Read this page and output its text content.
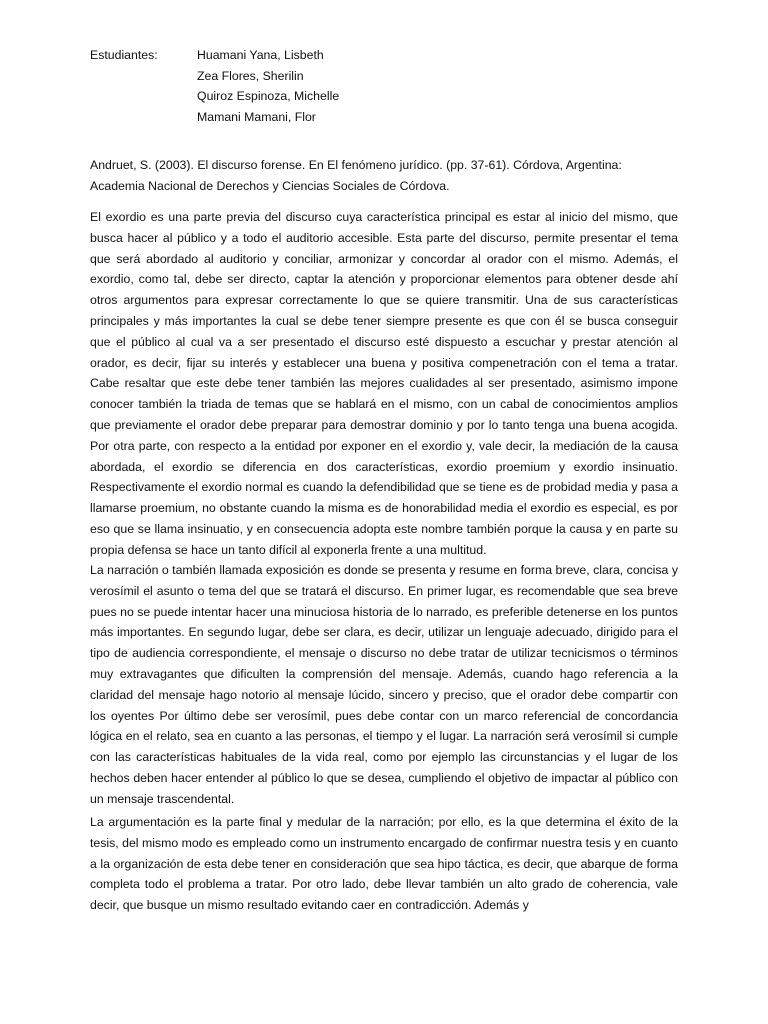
Estudiantes:	Huamani Yana, Lisbeth
Zea Flores, Sherilin
Quiroz Espinoza, Michelle
Mamani Mamani, Flor
Andruet, S. (2003). El discurso forense. En El fenómeno jurídico. (pp. 37-61). Córdova, Argentina: Academia Nacional de Derechos y Ciencias Sociales de Córdova.
El exordio es una parte previa del discurso cuya característica principal es estar al inicio del mismo, que busca hacer al público y a todo el auditorio accesible. Esta parte del discurso, permite presentar el tema que será abordado al auditorio y conciliar, armonizar y concordar al orador con el mismo. Además, el exordio, como tal, debe ser directo, captar la atención y proporcionar elementos para obtener desde ahí otros argumentos para expresar correctamente lo que se quiere transmitir. Una de sus características principales y más importantes la cual se debe tener siempre presente es que con él se busca conseguir que el público al cual va a ser presentado el discurso esté dispuesto a escuchar y prestar atención al orador, es decir, fijar su interés y establecer una buena y positiva compenetración con el tema a tratar. Cabe resaltar que este debe tener también las mejores cualidades al ser presentado, asimismo impone conocer también la triada de temas que se hablará en el mismo, con un cabal de conocimientos amplios que previamente el orador debe preparar para demostrar dominio y por lo tanto tenga una buena acogida. Por otra parte, con respecto a la entidad por exponer en el exordio y, vale decir, la mediación de la causa abordada, el exordio se diferencia en dos características, exordio proemium y exordio insinuatio. Respectivamente el exordio normal es cuando la defendibilidad que se tiene es de probidad media y pasa a llamarse proemium, no obstante cuando la misma es de honorabilidad media el exordio es especial, es por eso que se llama insinuatio, y en consecuencia adopta este nombre también porque la causa y en parte su propia defensa se hace un tanto difícil al exponerla frente a una multitud.
La narración o también llamada exposición es donde se presenta y resume en forma breve, clara, concisa y verosímil el asunto o tema del que se tratará el discurso. En primer lugar, es recomendable que sea breve pues no se puede intentar hacer una minuciosa historia de lo narrado, es preferible detenerse en los puntos más importantes. En segundo lugar, debe ser clara, es decir, utilizar un lenguaje adecuado, dirigido para el tipo de audiencia correspondiente, el mensaje o discurso no debe tratar de utilizar tecnicismos o términos muy extravagantes que dificulten la comprensión del mensaje. Además, cuando hago referencia a la claridad del mensaje hago notorio al mensaje lúcido, sincero y preciso, que el orador debe compartir con los oyentes Por último debe ser verosímil, pues debe contar con un marco referencial de concordancia lógica en el relato, sea en cuanto a las personas, el tiempo y el lugar. La narración será verosímil si cumple con las características habituales de la vida real, como por ejemplo las circunstancias y el lugar de los hechos deben hacer entender al público lo que se desea, cumpliendo el objetivo de impactar al público con un mensaje trascendental.
La argumentación es la parte final y medular de la narración; por ello, es la que determina el éxito de la tesis, del mismo modo es empleado como un instrumento encargado de confirmar nuestra tesis y en cuanto a la organización de esta debe tener en consideración que sea hipo táctica, es decir, que abarque de forma completa todo el problema a tratar. Por otro lado, debe llevar también un alto grado de coherencia, vale decir, que busque un mismo resultado evitando caer en contradicción. Además y
